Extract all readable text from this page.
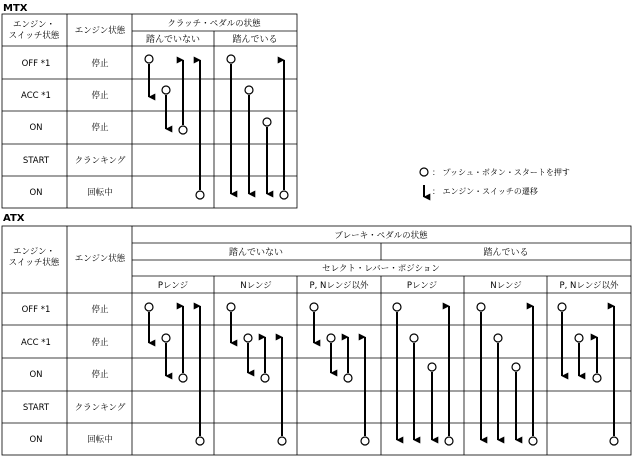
MTX
エンジン・
スイッチ状態 エンジン状態
クラッチ・ペダルの状態
踏んでいない	踏んでいる
OFF *1	停止
ACC *1	停止
ON	停止
START	クランキング
ON	回転中
： プッシュ・ボタン・スタートを押す
： エンジン・スイッチの遷移
ATX
エンジン・
スイッチ状態 エンジン状態
ブレーキ・ペダルの状態
踏んでいない	踏んでいる
セレクト・レバー・ポジション
Pレンジ	Nレンジ	P, Nレンジ以外	Pレンジ	Nレンジ	P, Nレンジ以外
OFF *1	停止
ACC *1	停止
ON	停止
START	クランキング
ON	回転中
